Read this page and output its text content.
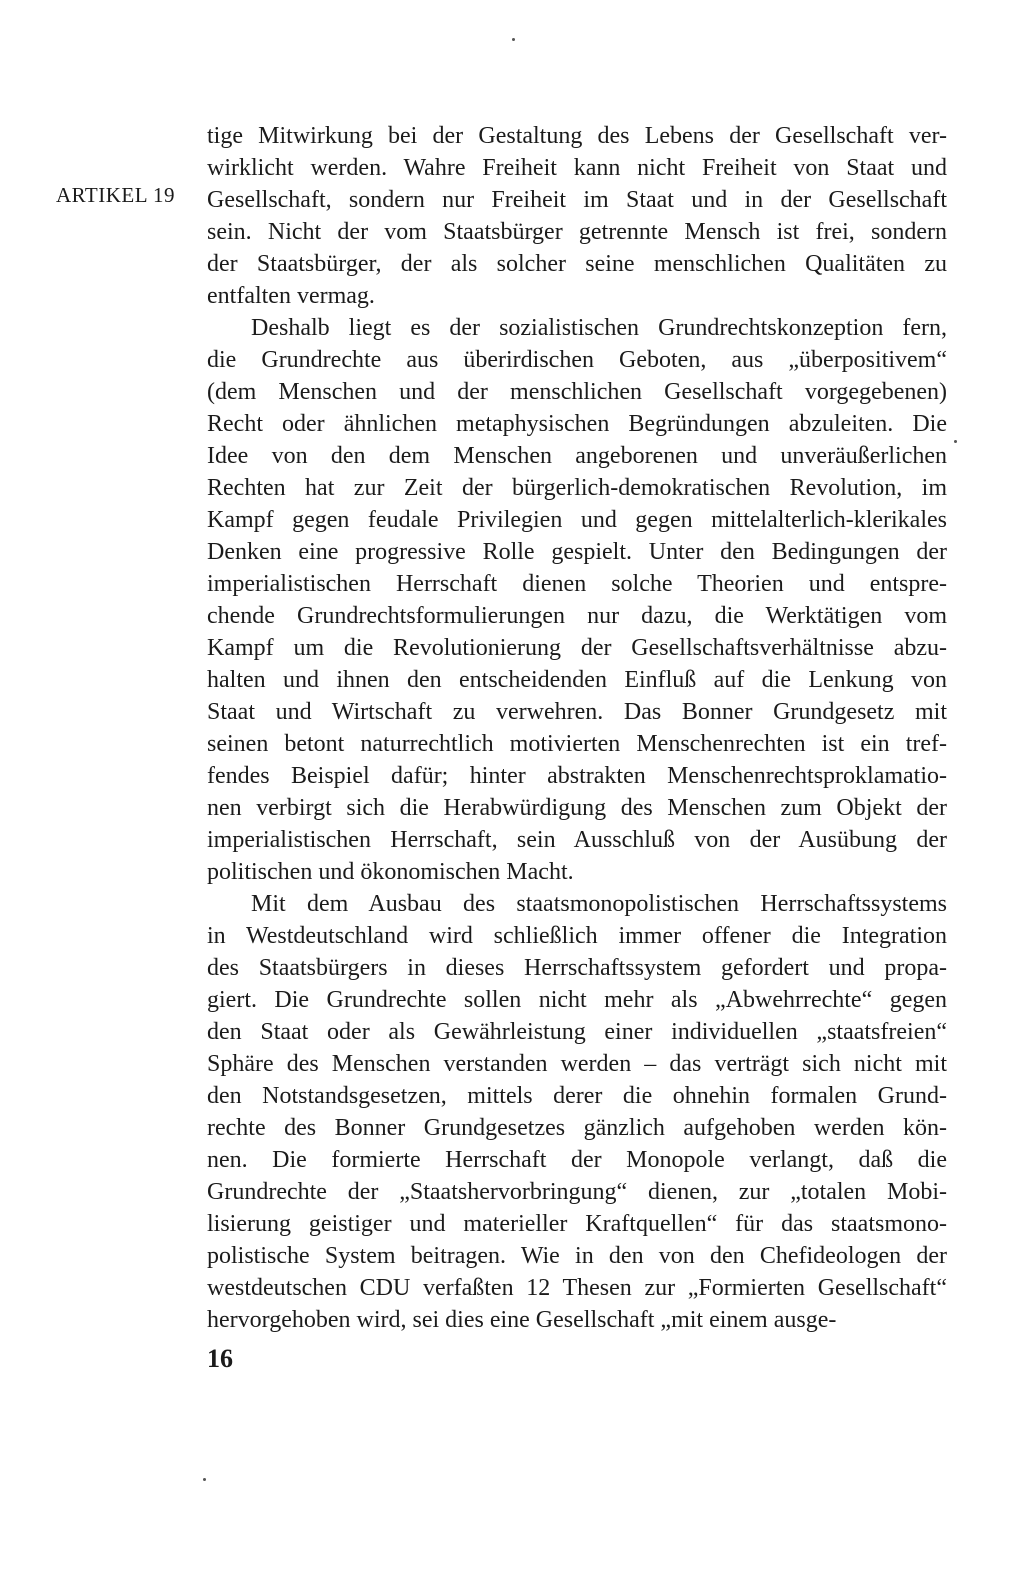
ARTIKEL 19
tige Mitwirkung bei der Gestaltung des Lebens der Gesellschaft ver-
wirklicht werden. Wahre Freiheit kann nicht Freiheit von Staat und
Gesellschaft, sondern nur Freiheit im Staat und in der Gesellschaft
sein. Nicht der vom Staatsbürger getrennte Mensch ist frei, sondern
der Staatsbürger, der als solcher seine menschlichen Qualitäten zu
entfalten vermag.
Deshalb liegt es der sozialistischen Grundrechtskonzeption fern,
die Grundrechte aus überirdischen Geboten, aus „überpositivem“
(dem Menschen und der menschlichen Gesellschaft vorgegebenen)
Recht oder ähnlichen metaphysischen Begründungen abzuleiten. Die
Idee von den dem Menschen angeborenen und unveräußerlichen
Rechten hat zur Zeit der bürgerlich-demokratischen Revolution, im
Kampf gegen feudale Privilegien und gegen mittelalterlich-klerikales
Denken eine progressive Rolle gespielt. Unter den Bedingungen der
imperialistischen Herrschaft dienen solche Theorien und entspre-
chende Grundrechtsformulierungen nur dazu, die Werktätigen vom
Kampf um die Revolutionierung der Gesellschaftsverhältnisse abzu-
halten und ihnen den entscheidenden Einfluß auf die Lenkung von
Staat und Wirtschaft zu verwehren. Das Bonner Grundgesetz mit
seinen betont naturrechtlich motivierten Menschenrechten ist ein tref-
fendes Beispiel dafür; hinter abstrakten Menschenrechtsproklamatio-
nen verbirgt sich die Herabwürdigung des Menschen zum Objekt der
imperialistischen Herrschaft, sein Ausschluß von der Ausübung der
politischen und ökonomischen Macht.
Mit dem Ausbau des staatsmonopolistischen Herrschaftssystems
in Westdeutschland wird schließlich immer offener die Integration
des Staatsbürgers in dieses Herrschaftssystem gefordert und propa-
giert. Die Grundrechte sollen nicht mehr als „Abwehrrechte“ gegen
den Staat oder als Gewährleistung einer individuellen „staatsfreien“
Sphäre des Menschen verstanden werden – das verträgt sich nicht mit
den Notstandsgesetzen, mittels derer die ohnehin formalen Grund-
rechte des Bonner Grundgesetzes gänzlich aufgehoben werden kön-
nen. Die formierte Herrschaft der Monopole verlangt, daß die
Grundrechte der „Staatshervorbringung“ dienen, zur „totalen Mobi-
lisierung geistiger und materieller Kraftquellen“ für das staatsmono-
polistische System beitragen. Wie in den von den Chefideologen der
westdeutschen CDU verfaßten 12 Thesen zur „Formierten Gesellschaft“
hervorgehoben wird, sei dies eine Gesellschaft „mit einem ausge-
16
